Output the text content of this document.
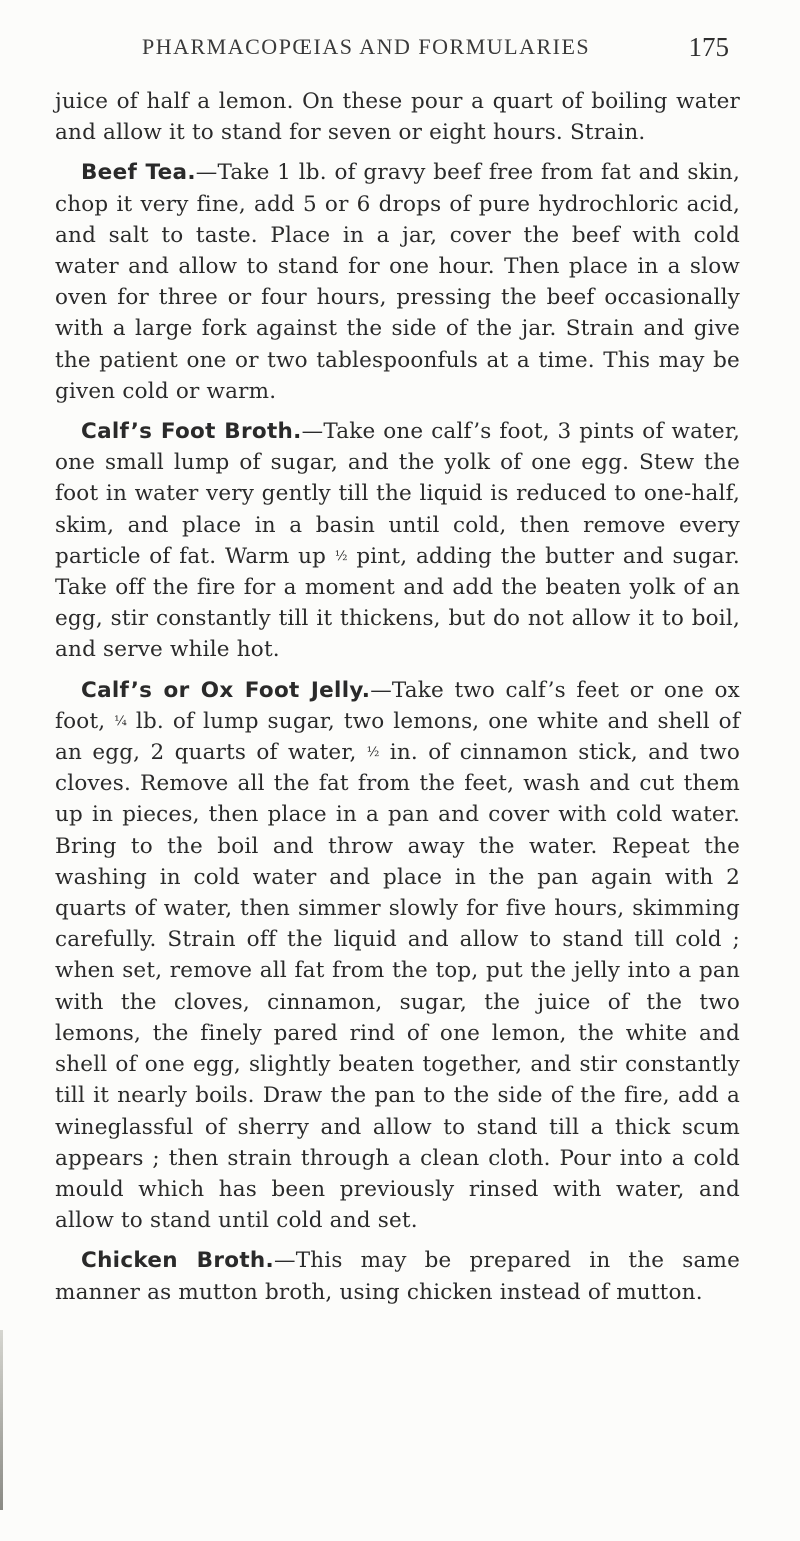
PHARMACOPŒIAS AND FORMULARIES	175

juice of half a lemon. On these pour a quart of boiling water and allow it to stand for seven or eight hours. Strain.

Beef Tea.—Take 1 lb. of gravy beef free from fat and skin, chop it very fine, add 5 or 6 drops of pure hydrochloric acid, and salt to taste. Place in a jar, cover the beef with cold water and allow to stand for one hour. Then place in a slow oven for three or four hours, pressing the beef occasionally with a large fork against the side of the jar. Strain and give the patient one or two tablespoonfuls at a time. This may be given cold or warm.

Calf’s Foot Broth.—Take one calf’s foot, 3 pints of water, one small lump of sugar, and the yolk of one egg. Stew the foot in water very gently till the liquid is reduced to one-half, skim, and place in a basin until cold, then remove every particle of fat. Warm up ½ pint, adding the butter and sugar. Take off the fire for a moment and add the beaten yolk of an egg, stir constantly till it thickens, but do not allow it to boil, and serve while hot.

Calf’s or Ox Foot Jelly.—Take two calf’s feet or one ox foot, ¼ lb. of lump sugar, two lemons, one white and shell of an egg, 2 quarts of water, ½ in. of cinnamon stick, and two cloves. Remove all the fat from the feet, wash and cut them up in pieces, then place in a pan and cover with cold water. Bring to the boil and throw away the water. Repeat the washing in cold water and place in the pan again with 2 quarts of water, then simmer slowly for five hours, skimming carefully. Strain off the liquid and allow to stand till cold ; when set, remove all fat from the top, put the jelly into a pan with the cloves, cinnamon, sugar, the juice of the two lemons, the finely pared rind of one lemon, the white and shell of one egg, slightly beaten together, and stir constantly till it nearly boils. Draw the pan to the side of the fire, add a wineglassful of sherry and allow to stand till a thick scum appears ; then strain through a clean cloth. Pour into a cold mould which has been previously rinsed with water, and allow to stand until cold and set.

Chicken Broth.—This may be prepared in the same manner as mutton broth, using chicken instead of mutton.
